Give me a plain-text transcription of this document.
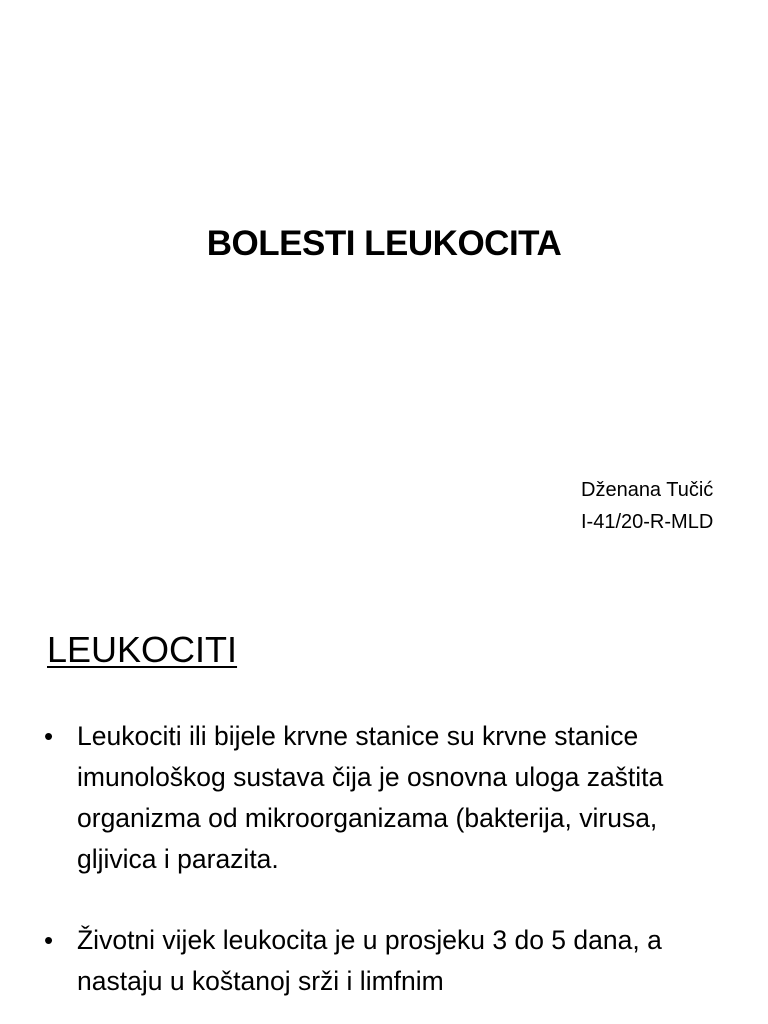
BOLESTI LEUKOCITA
Dženana Tučić
I-41/20-R-MLD
LEUKOCITI
• Leukociti ili bijele krvne stanice su krvne stanice imunološkog sustava čija je osnovna uloga zaštita organizma od mikroorganizama (bakterija, virusa, gljivica i parazita.
• Životni vijek leukocita je u prosjeku 3 do 5 dana, a nastaju u koštanoj srži i limfnim
